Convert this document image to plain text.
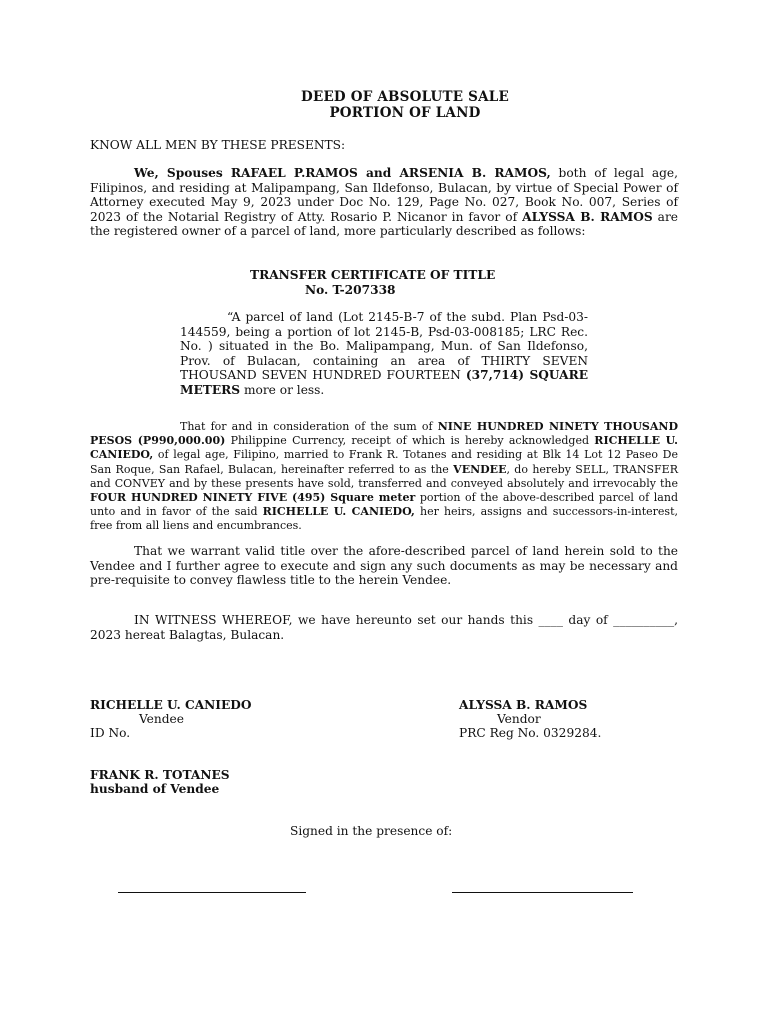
DEED OF ABSOLUTE SALE
PORTION OF LAND
KNOW ALL MEN BY THESE PRESENTS:

We, Spouses RAFAEL P.RAMOS and ARSENIA B. RAMOS, both of legal age, Filipinos, and residing at Malipampang, San Ildefonso, Bulacan, by virtue of Special Power of Attorney executed May 9, 2023 under Doc No. 129, Page No. 027, Book No. 007, Series of 2023 of the Notarial Registry of Atty. Rosario P. Nicanor in favor of ALYSSA B. RAMOS are the registered owner of a parcel of land, more particularly described as follows:

TRANSFER CERTIFICATE OF TITLE
No. T-207338

“A parcel of land (Lot 2145-B-7 of the subd. Plan Psd-03-144559, being a portion of lot 2145-B, Psd-03-008185; LRC Rec. No. ) situated in the Bo. Malipampang, Mun. of San Ildefonso, Prov. of Bulacan, containing an area of THIRTY SEVEN THOUSAND SEVEN HUNDRED FOURTEEN (37,714) SQUARE METERS more or less.

That for and in consideration of the sum of NINE HUNDRED NINETY THOUSAND PESOS (P990,000.00) Philippine Currency, receipt of which is hereby acknowledged RICHELLE U. CANIEDO, of legal age, Filipino, married to Frank R. Totanes and residing at Blk 14 Lot 12 Paseo De San Roque, San Rafael, Bulacan, hereinafter referred to as the VENDEE, do hereby SELL, TRANSFER and CONVEY and by these presents have sold, transferred and conveyed absolutely and irrevocably the FOUR HUNDRED NINETY FIVE (495) Square meter portion of the above-described parcel of land unto and in favor of the said RICHELLE U. CANIEDO, her heirs, assigns and successors-in-interest, free from all liens and encumbrances.

That we warrant valid title over the afore-described parcel of land herein sold to the Vendee and I further agree to execute and sign any such documents as may be necessary and pre-requisite to convey flawless title to the herein Vendee.

IN WITNESS WHEREOF, we have hereunto set our hands this ____ day of __________, 2023 hereat Balagtas, Bulacan.

RICHELLE U. CANIEDO
Vendee
ID No.
ALYSSA B. RAMOS
Vendor
PRC Reg No. 0329284.
FRANK R. TOTANES
husband of Vendee
Signed in the presence of:
